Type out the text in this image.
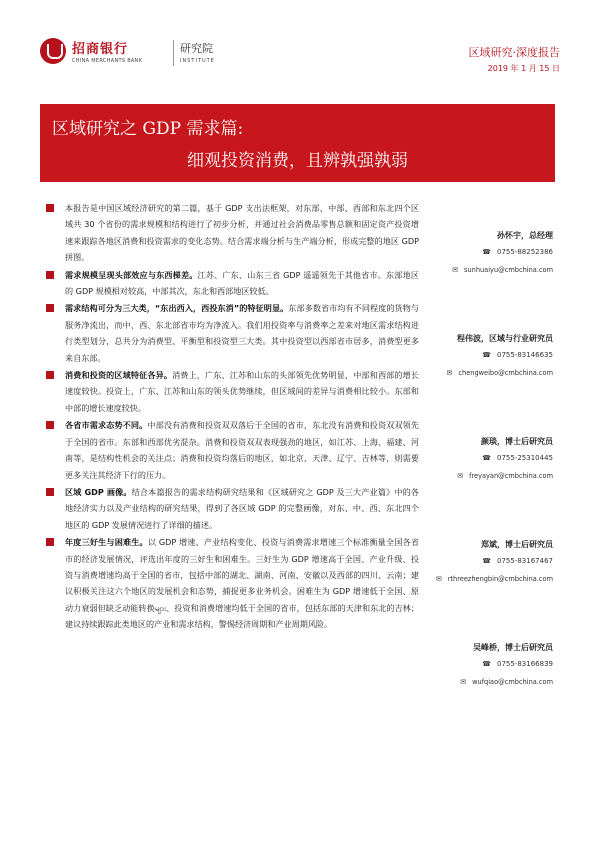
招商银行
CHINA MERCHANTS BANK
研究院
INSTITUTE
区域研究·深度报告
2019 年 1 月 15 日
区域研究之 GDP 需求篇:
细观投资消费，且辨孰强孰弱
本报告是中国区域经济研究的第二篇，基于 GDP 支出法框架，对东部、中部、西部和东北四个区域共 30 个省份的需求规模和结构进行了初步分析，并通过社会消费品零售总额和固定资产投资增速来跟踪各地区消费和投资需求的变化态势。结合需求端分析与生产端分析，形成完整的地区 GDP 拼图。
需求规模呈现头部效应与东西梯差。江苏、广东、山东三省 GDP 遥遥领先于其他省市。东部地区的 GDP 规模相对较高，中部其次，东北和西部地区较低。
需求结构可分为三大类，“东出西入，西投东消”的特征明显。东部多数省市均有不同程度的货物与服务净流出，而中、西、东北部省市均为净流入。我们用投资率与消费率之差来对地区需求结构进行类型划分，总共分为消费型、平衡型和投资型三大类。其中投资型以西部省市居多，消费型更多来自东部。
消费和投资的区域特征各异。消费上，广东、江苏和山东的头部领先优势明显，中部和西部的增长速度较快。投资上，广东、江苏和山东的领头优势继续，但区域间的差异与消费相比较小。东部和中部的增长速度较快。
各省市需求态势不同。中部没有消费和投资双双落后于全国的省市，东北没有消费和投资双双领先于全国的省市。东部和西部优劣混杂。消费和投资双双表现强劲的地区，如江苏、上海、福建、河南等，是结构性机会的关注点；消费和投资均落后的地区，如北京、天津、辽宁、吉林等，则需要更多关注其经济下行的压力。
区域 GDP 画像。结合本篇报告的需求结构研究结果和《区域研究之 GDP 及三大产业篇》中的各地经济实力以及产业结构的研究结果，得到了各区域 GDP 的完整画像，对东、中、西、东北四个地区的 GDP 发展情况进行了详细的描述。
年度三好生与困难生。以 GDP 增速、产业结构变化、投资与消费需求增速三个标准衡量全国各省市的经济发展情况，评选出年度的三好生和困难生。三好生为 GDP 增速高于全国、产业升级、投资与消费增速均高于全国的省市，包括中部的湖北、湖南、河南、安徽以及西部的四川、云南；建议积极关注这六个地区的发展机会和态势，捕捉更多业务机会。困难生为 GDP 增速低于全国、原动力衰弱但缺乏动能转换များ、投资和消费增速均低于全国的省市，包括东部的天津和东北的吉林；建议持续跟踪此类地区的产业和需求结构，警惕经济周期和产业周期风险。
孙怀宇，总经理
☎ 0755-88252386
✉ sunhuaiyu@cmbchina.com
程伟波，区域与行业研究员
☎ 0755-83146635
✉ chengweibo@cmbchina.com
颜琰，博士后研究员
☎ 0755-25310445
✉ freyayan@cmbchina.com
郑斌，博士后研究员
☎ 0755-83167467
✉ rthreezhengbin@cmbchina.com
吴峰桥，博士后研究员
☎ 0755-83166839
✉ wufqiao@cmbchina.com
